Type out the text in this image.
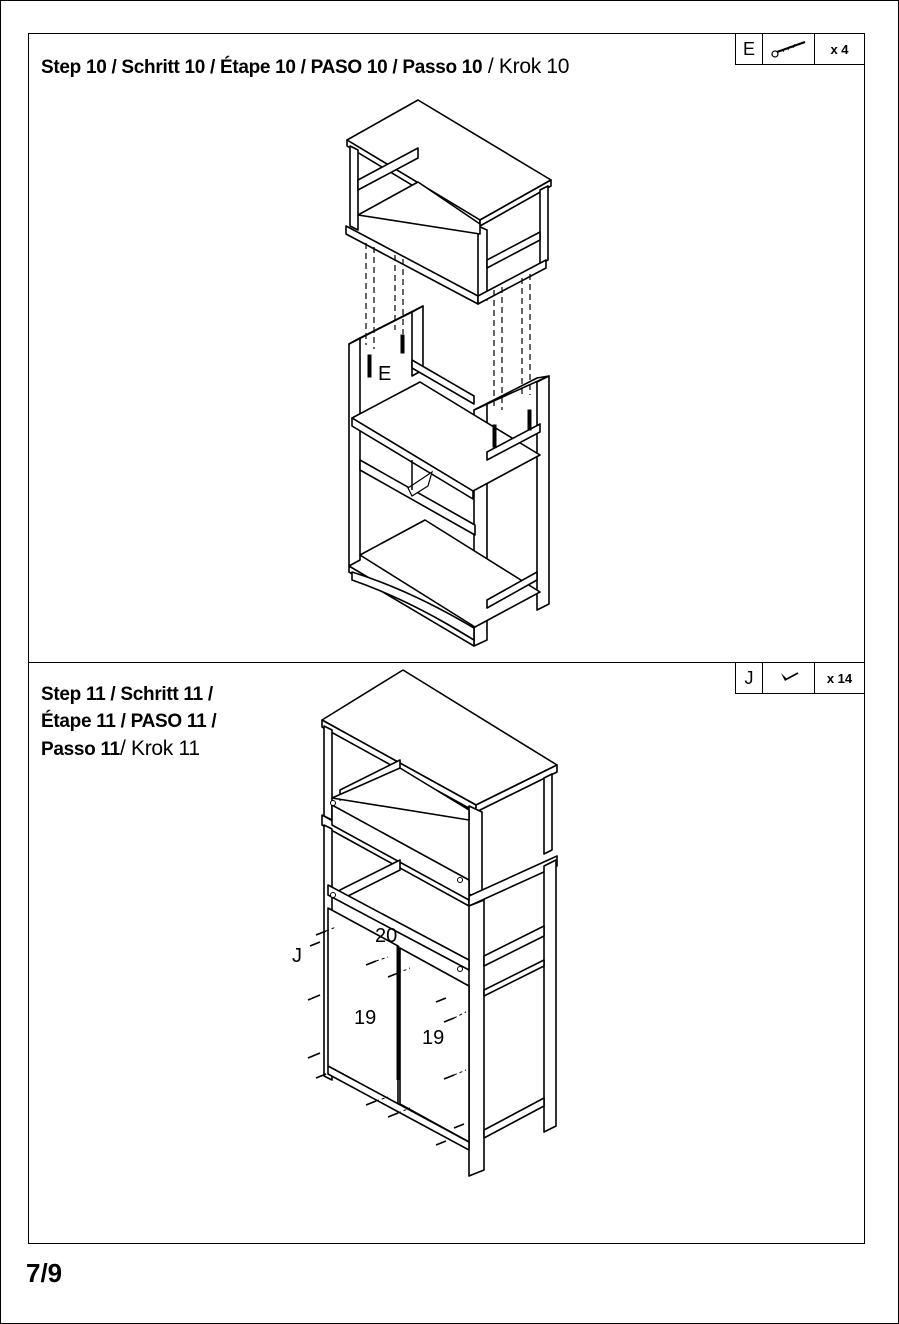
Step 10 / Schritt 10 / Étape 10 / PASO 10 / Passo 10 / Krok 10
E	x 4
E
Step 11 / Schritt 11 /
Étape 11 / PASO 11 /
Passo 11/ Krok 11
J	x 14
J
20
19
19
7/9
